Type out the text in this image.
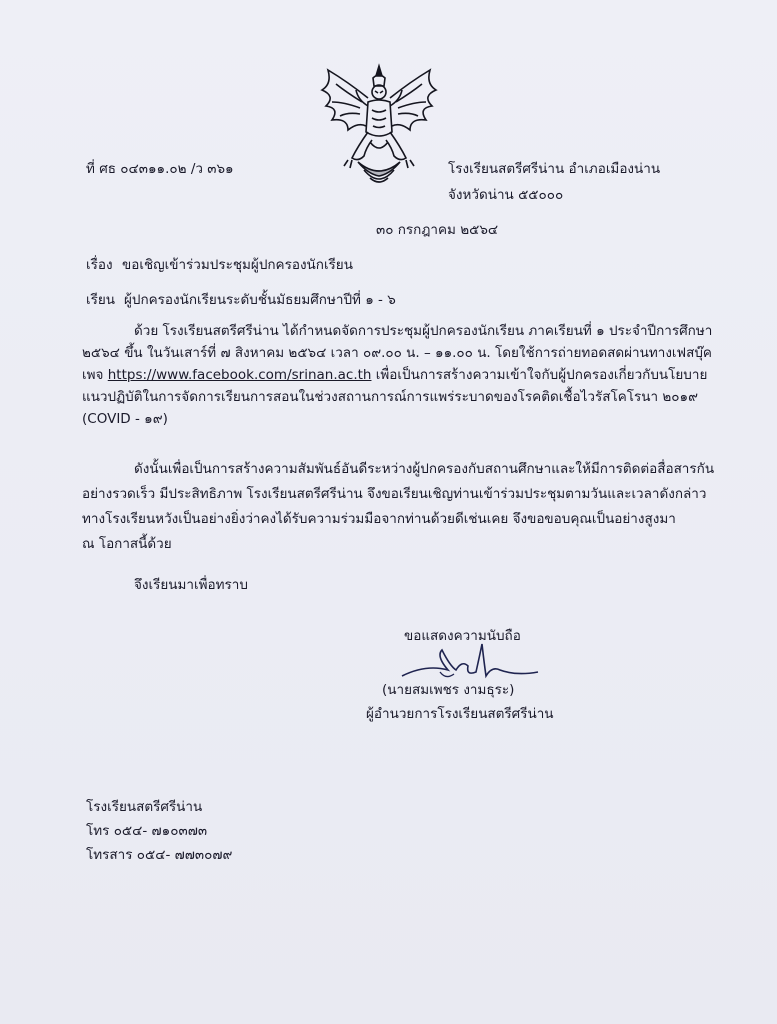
ที่ ศธ ๐๔๓๑๑.๐๒ /ว ๓๖๑	โรงเรียนสตรีศรีน่าน อำเภอเมืองน่าน
จังหวัดน่าน ๕๕๐๐๐
๓๐ กรกฎาคม ๒๕๖๔
เรื่อง ขอเชิญเข้าร่วมประชุมผู้ปกครองนักเรียน
เรียน ผู้ปกครองนักเรียนระดับชั้นมัธยมศึกษาปีที่ ๑ - ๖
ด้วย โรงเรียนสตรีศรีน่าน ได้กำหนดจัดการประชุมผู้ปกครองนักเรียน ภาคเรียนที่ ๑ ประจำปีการศึกษา
๒๕๖๔ ขึ้น ในวันเสาร์ที่ ๗ สิงหาคม ๒๕๖๔ เวลา ๐๙.๐๐ น. – ๑๑.๐๐ น. โดยใช้การถ่ายทอดสดผ่านทางเฟสบุ๊ค
เพจ https://www.facebook.com/srinan.ac.th เพื่อเป็นการสร้างความเข้าใจกับผู้ปกครองเกี่ยวกับนโยบาย
แนวปฏิบัติในการจัดการเรียนการสอนในช่วงสถานการณ์การแพร่ระบาดของโรคติดเชื้อไวรัสโคโรนา ๒๐๑๙
(COVID - ๑๙)
ดังนั้นเพื่อเป็นการสร้างความสัมพันธ์อันดีระหว่างผู้ปกครองกับสถานศึกษาและให้มีการติดต่อสื่อสารกัน
อย่างรวดเร็ว มีประสิทธิภาพ โรงเรียนสตรีศรีน่าน จึงขอเรียนเชิญท่านเข้าร่วมประชุมตามวันและเวลาดังกล่าว
ทางโรงเรียนหวังเป็นอย่างยิ่งว่าคงได้รับความร่วมมือจากท่านด้วยดีเช่นเคย จึงขอขอบคุณเป็นอย่างสูงมา
ณ โอกาสนี้ด้วย
จึงเรียนมาเพื่อทราบ
ขอแสดงความนับถือ
(นายสมเพชร งามธุระ)
ผู้อำนวยการโรงเรียนสตรีศรีน่าน
โรงเรียนสตรีศรีน่าน
โทร ๐๕๔- ๗๑๐๓๗๓
โทรสาร ๐๕๔- ๗๗๓๐๗๙
